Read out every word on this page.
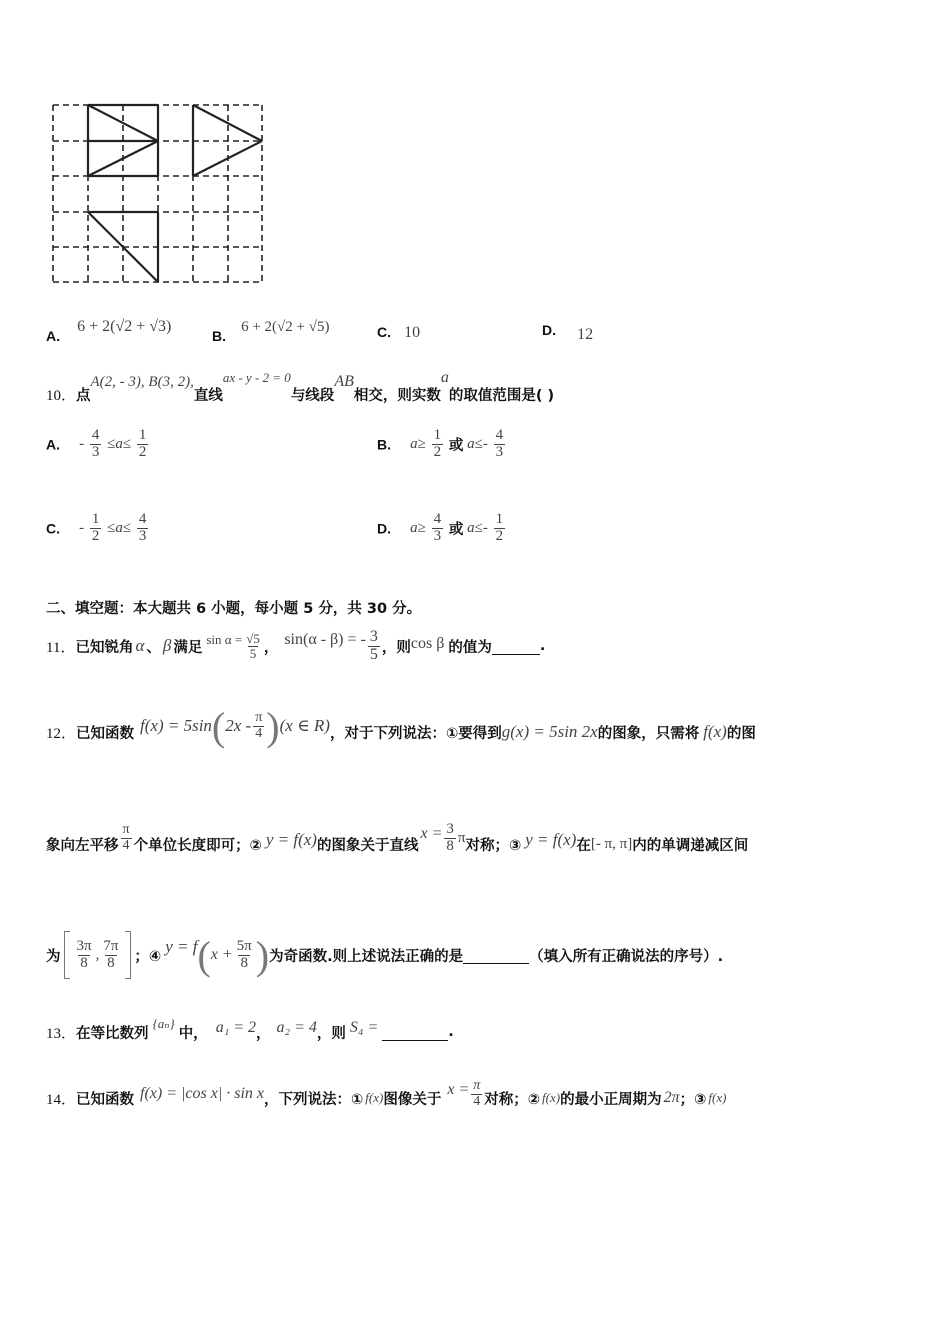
A. 6 + 2(√2 + √3)
B. 6 + 2(√2 + √5)	C. 10	D. 12
10．点A(2, - 3), B(3, 2),直线ax - y - 2 = 0与线段AB相交，则实数a的取值范围是( )
A. - $\frac{4}{3} \le a\le \frac{1}{2}$	B. $a\ge \frac{1}{2}$ 或 $a\le- \frac{4}{3}$
C. - $\frac{1}{2} \le a\le \frac{4}{3}$	D. $a\ge \frac{4}{3}$ 或 $a\le- \frac{1}{2}$
二、填空题：本大题共 6 小题，每小题 5 分，共 30 分。
11． 已知锐角 α 、 β 满足 $\sin \alpha = \frac{√5}{5}$ ， sin(α - β) = - $\frac{3}{5}$ ，则 cos β 的值为	.
12． 已知函数 f(x) = 5sin ( $2x - \frac{\pi}{4}$ ) (x ∈ R) ，对于下列说法：①要得到 g(x) = 5sin 2x 的图象，只需将 f(x) 的图
象向左平移 $\frac{\pi}{4}$ 个单位长度即可；② y = f(x) 的图象关于直线
$x = \frac{3}{8}$ π 对称；③ y = f(x) 在 [- π, π] 内的单调递减区间
为 $\frac{3\pi}{8}$ , $\frac{7\pi}{8}$ ；④
y = f ( $x + \frac{5\pi}{8}$ ) 为奇函数.则上述说法正确的是	（填入所有正确说法的序号）.
13． 在等比数列
{aₙ}
中， a₁ = 2 ， a₂ = 4 ，则 S₄ =	.
14． 已知函数 f(x) = |cos x| · sin x ，下列说法：① f(x) 图像关于
$x = \frac{\pi}{4}$ 对称；② f(x) 的最小正周期为 2π ；③ f(x)
